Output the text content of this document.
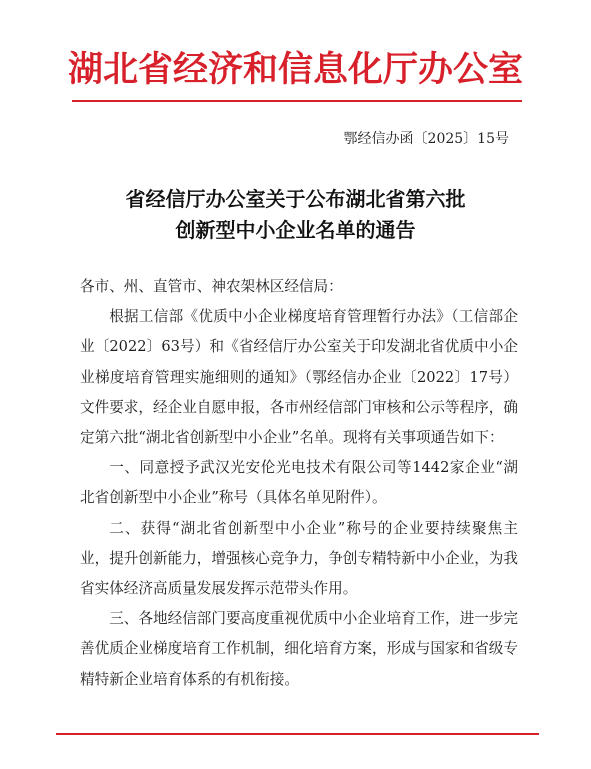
湖北省经济和信息化厅办公室
鄂经信办函〔2025〕15号
省经信厅办公室关于公布湖北省第六批
创新型中小企业名单的通告

各市、州、直管市、神农架林区经信局：

根据工信部《优质中小企业梯度培育管理暂行办法》（工信部企业〔2022〕63号）和《省经信厅办公室关于印发湖北省优质中小企业梯度培育管理实施细则的通知》（鄂经信办企业〔2022〕17号）文件要求，经企业自愿申报，各市州经信部门审核和公示等程序，确定第六批“湖北省创新型中小企业”名单。现将有关事项通告如下：

一、同意授予武汉光安伦光电技术有限公司等1442家企业“湖北省创新型中小企业”称号（具体名单见附件）。

二、获得“湖北省创新型中小企业”称号的企业要持续聚焦主业，提升创新能力，增强核心竞争力，争创专精特新中小企业，为我省实体经济高质量发展发挥示范带头作用。

三、各地经信部门要高度重视优质中小企业培育工作，进一步完善优质企业梯度培育工作机制，细化培育方案，形成与国家和省级专精特新企业培育体系的有机衔接。
